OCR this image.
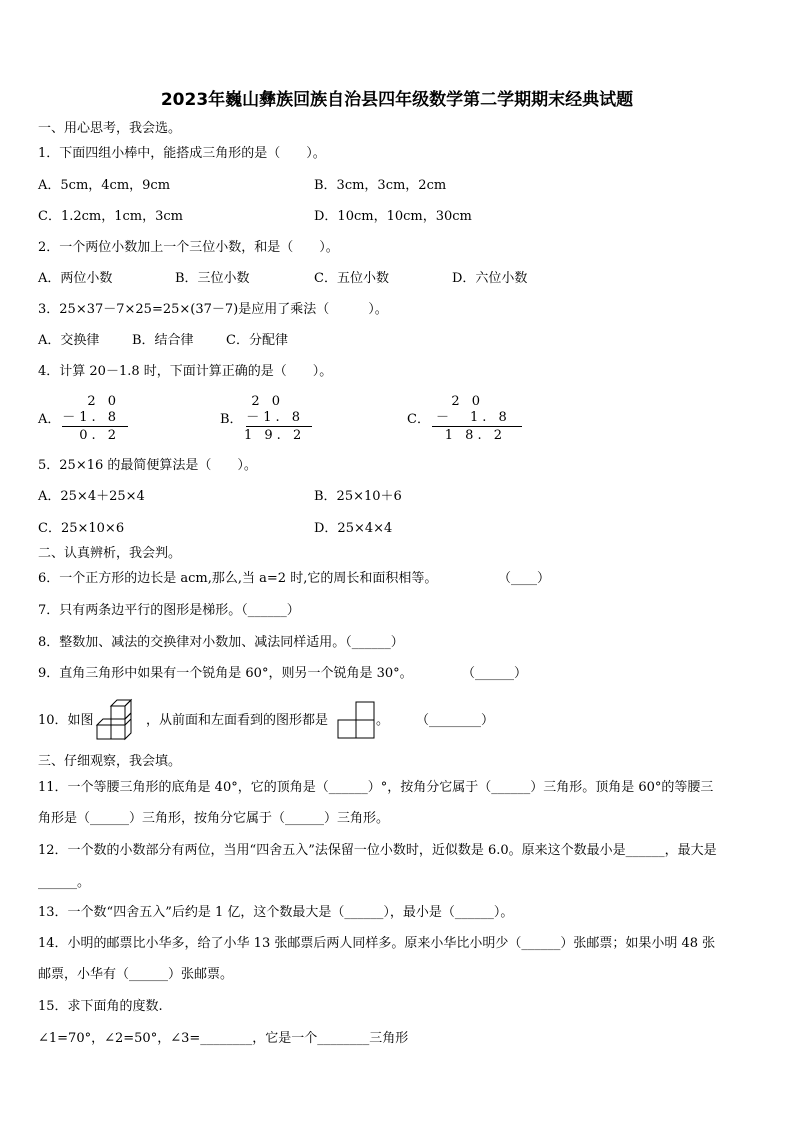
2023年巍山彝族回族自治县四年级数学第二学期期末经典试题
一、用心思考，我会选。
1．下面四组小棒中，能搭成三角形的是（　　）。
A．5cm，4cm，9cm	B．3cm，3cm，2cm
C．1.2cm，1cm，3cm	D．10cm，10cm，30cm
2．一个两位小数加上一个三位小数，和是（　　）。
A．两位小数	B．三位小数	C．五位小数	D．六位小数
3．25×37－7×25=25×(37－7)是应用了乘法（　　　）。
A．交换律	B．结合律 C．分配律
4．计算 20－1.8 时，下面计算正确的是（　　）。
A．
2 0
－1. 8
0. 2
B．
2 0
－1. 8
1 9. 2
C．
2 0
－　1. 8
1 8. 2
5．25×16 的最简便算法是（　　）。
A．25×4＋25×4	B．25×10＋6
C．25×10×6	D．25×4×4
二、认真辨析，我会判。
6．一个正方形的边长是 acm,那么,当 a=2 时,它的周长和面积相等。	（____）
7．只有两条边平行的图形是梯形。（______）
8．整数加、减法的交换律对小数加、减法同样适用。（______）
9．直角三角形中如果有一个锐角是 60°，则另一个锐角是 30°。	（______）
10．如图	，从前面和左面看到的图形都是	。 （________）
三、仔细观察，我会填。
11．一个等腰三角形的底角是 40°，它的顶角是（______）°，按角分它属于（______）三角形。顶角是 60°的等腰三
角形是（______）三角形，按角分它属于（______）三角形。
12．一个数的小数部分有两位，当用“四舍五入”法保留一位小数时，近似数是 6.0。原来这个数最小是______，最大是
______。
13．一个数“四舍五入”后约是 1 亿，这个数最大是（______），最小是（______）。
14．小明的邮票比小华多，给了小华 13 张邮票后两人同样多。原来小华比小明少（______）张邮票；如果小明 48 张
邮票，小华有（______）张邮票。
15．求下面角的度数.
∠1=70°，∠2=50°，∠3=________，它是一个________三角形
